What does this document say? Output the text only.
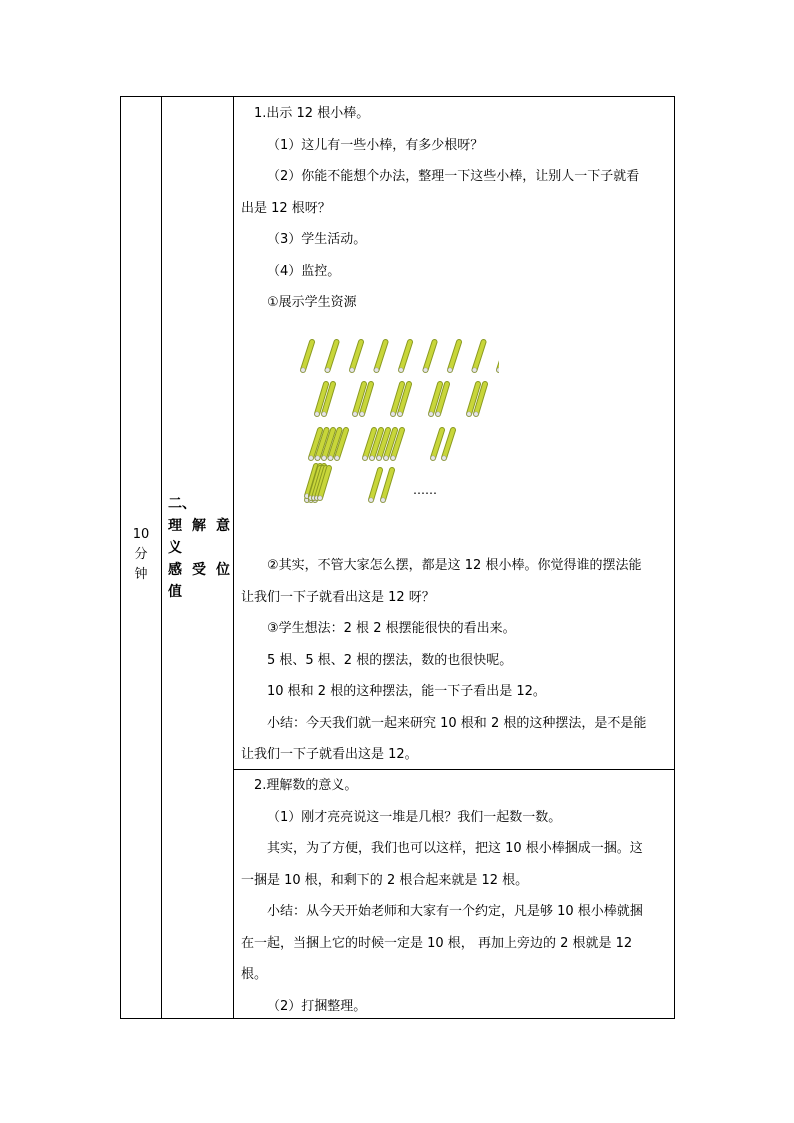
10
分
钟
二、
理 解 意
义
感 受 位
值

1.出示 12 根小棒。

（1）这儿有一些小棒，有多少根呀？

（2）你能不能想个办法，整理一下这些小棒，让别人一下子就看

出是 12 根呀？

（3）学生活动。

（4）监控。

①展示学生资源

……

②其实，不管大家怎么摆，都是这 12 根小棒。你觉得谁的摆法能

让我们一下子就看出这是 12 呀？

③学生想法：2 根 2 根摆能很快的看出来。

5 根、5 根、2 根的摆法，数的也很快呢。

10 根和 2 根的这种摆法，能一下子看出是 12。

小结：今天我们就一起来研究 10 根和 2 根的这种摆法，是不是能

让我们一下子就看出这是 12。

2.理解数的意义。

（1）刚才亮亮说这一堆是几根？我们一起数一数。

其实，为了方便，我们也可以这样，把这 10 根小棒捆成一捆。这

一捆是 10 根，和剩下的 2 根合起来就是 12 根。

小结：从今天开始老师和大家有一个约定，凡是够 10 根小棒就捆

在一起，当捆上它的时候一定是 10 根， 再加上旁边的 2 根就是 12

根。

（2）打捆整理。
